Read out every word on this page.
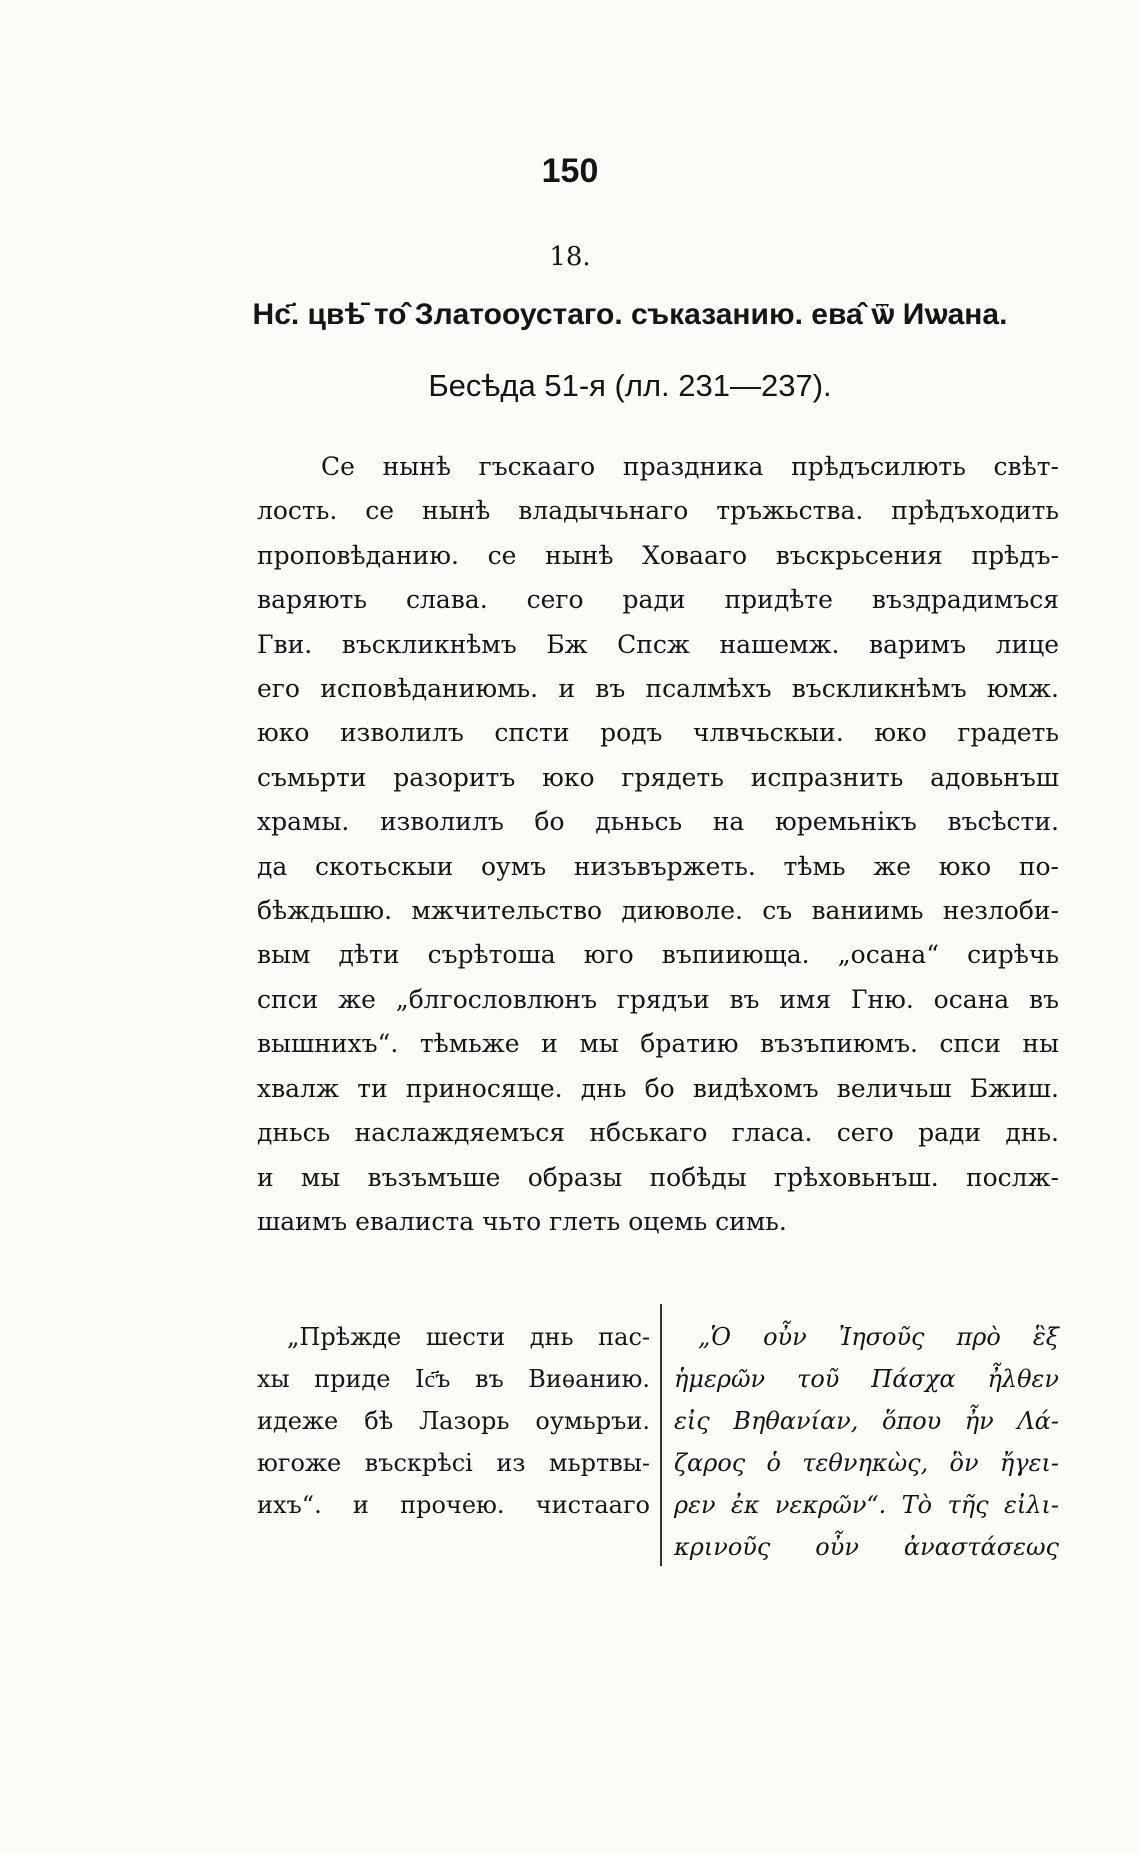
150
18.
Нс҃. цвѣ̄ то̂ Златооустаго. съказанию. ева̂ ѿ Иѡана.
Бесѣда 51-я (лл. 231—237).
Се нынѣ гъскааго праздника прѣдъсилють свѣт-
лость. се нынѣ владычьнаго тръжьства. прѣдъходить
проповѣданию. се нынѣ Ховааго въскрьсения прѣдъ-
варяють слава. сего ради придѣте въздрадимъся
Гви. въскликнѣмъ Бж Спсж нашемж. варимъ лице
его исповѣданиюмь. и въ псалмѣхъ въскликнѣмъ юмж.
юко изволилъ спсти родъ члвчьскыи. юко градеть
съмьрти разоритъ юко грядеть испразнить адовьнъш
храмы. изволилъ бо дьньсь на юремьнікъ въсѣсти.
да скотьскыи оумъ низъвържеть. тѣмь же юко по-
бѣждьшю. мжчительство диюволе. съ ваниимь незлоби-
вым дѣти сърѣтоша юго въпииюща. „осана“ сирѣчь
спси же „блгословлюнъ грядъи въ имя Гню. осана въ
вышнихъ“. тѣмьже и мы братию възъпиюмъ. спси ны
хвалж ти приносяще. днь бо видѣхомъ величьш Бжиш.
дньсь наслаждяемъся нбськаго гласа. сего ради днь.
и мы възъмъше образы побѣды грѣховьнъш. послж-
шаимъ евалиста чьто глеть оцемь симь.
„Прѣжде шести днь пас-
хы приде Іс҃ъ въ Виѳанию.
идеже бѣ Лазорь оумьръи.
югоже въскрѣсі из мьртвы-
ихъ“. и прочею. чистааго
„Ὁ οὖν Ἰησοῦς πρὸ ἓξ
ἡμερῶν τοῦ Πάσχα ἦλθεν
εἰς Βηθανίαν, ὅπου ἦν Λά-
ζαρος ὁ τεθνηκὼς, ὃν ἤγει-
ρεν ἐκ νεκρῶν“. Τὸ τῆς εἰλι-
κρινοῦς οὖν ἀναστάσεως
